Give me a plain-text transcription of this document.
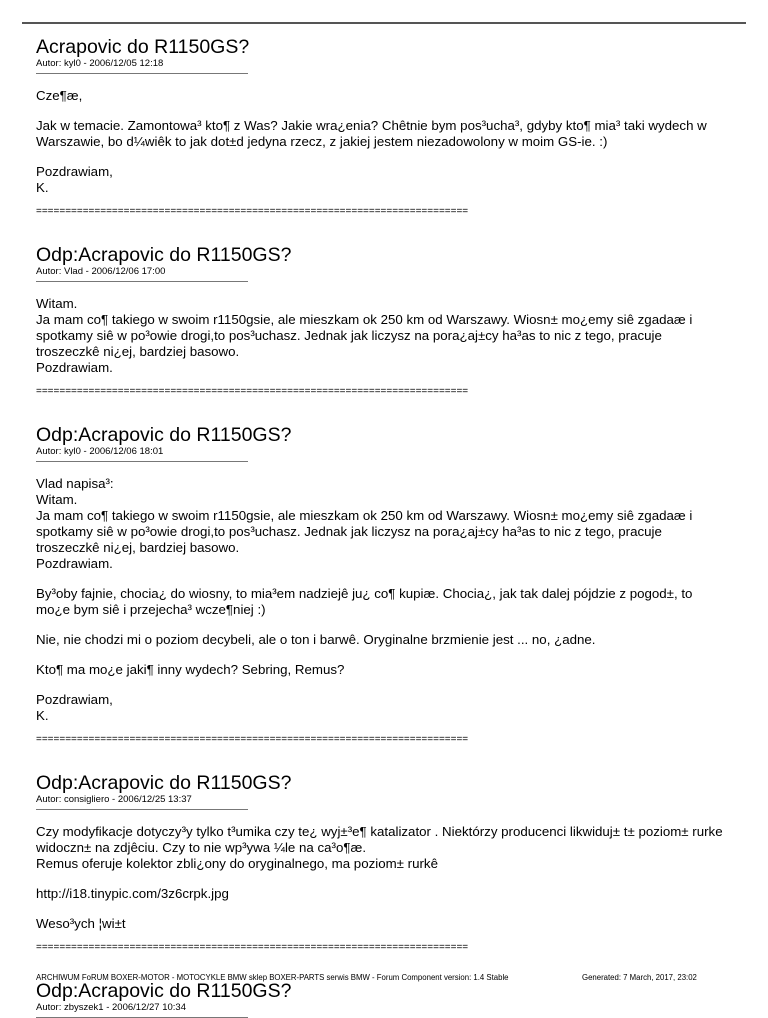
Acrapovic do R1150GS?
Autor: kyl0 - 2006/12/05 12:18

Cze¶æ,

Jak w temacie. Zamontowa³ kto¶ z Was? Jakie wra¿enia? Chêtnie bym pos³ucha³, gdyby kto¶ mia³ taki wydech w Warszawie, bo d¼wiêk to jak dot±d jedyna rzecz, z jakiej jestem niezadowolony w moim GS-ie. :)

Pozdrawiam,
K.

==========================================================================
Odp:Acrapovic do R1150GS?
Autor: Vlad - 2006/12/06 17:00

Witam.
Ja mam co¶ takiego w swoim r1150gsie, ale mieszkam ok 250 km od Warszawy. Wiosn± mo¿emy siê zgadaæ i spotkamy siê w po³owie drogi,to pos³uchasz. Jednak jak liczysz na pora¿aj±cy ha³as to nic z tego, pracuje troszeczkê ni¿ej, bardziej basowo.
Pozdrawiam.

==========================================================================
Odp:Acrapovic do R1150GS?
Autor: kyl0 - 2006/12/06 18:01

Vlad napisa³:
Witam.
Ja mam co¶ takiego w swoim r1150gsie, ale mieszkam ok 250 km od Warszawy. Wiosn± mo¿emy siê zgadaæ i spotkamy siê w po³owie drogi,to pos³uchasz. Jednak jak liczysz na pora¿aj±cy ha³as to nic z tego, pracuje troszeczkê ni¿ej, bardziej basowo.
Pozdrawiam.

By³oby fajnie, chocia¿ do wiosny, to mia³em nadziejê ju¿ co¶ kupiæ. Chocia¿, jak tak dalej pójdzie z pogod±, to mo¿e bym siê i przejecha³ wcze¶niej :)

Nie, nie chodzi mi o poziom decybeli, ale o ton i barwê. Oryginalne brzmienie jest ... no, ¿adne.

Kto¶ ma mo¿e jaki¶ inny wydech? Sebring, Remus?

Pozdrawiam,
K.

==========================================================================
Odp:Acrapovic do R1150GS?
Autor: consigliero - 2006/12/25 13:37

Czy modyfikacje dotyczy³y tylko t³umika czy te¿ wyj±³e¶ katalizator . Niektórzy producenci likwiduj± t± poziom± rurke widoczn± na zdjêciu. Czy to nie wp³ywa ¼le na ca³o¶æ.
Remus oferuje kolektor zbli¿ony do oryginalnego, ma poziom± rurkê

http://i18.tinypic.com/3z6crpk.jpg

Weso³ych ¦wi±t

==========================================================================
Odp:Acrapovic do R1150GS?
Autor: zbyszek1 - 2006/12/27 10:34
ARCHIWUM FoRUM BOXER-MOTOR - MOTOCYKLE BMW sklep BOXER-PARTS serwis BMW - Forum Component version: 1.4 Stable	Generated: 7 March, 2017, 23:02
